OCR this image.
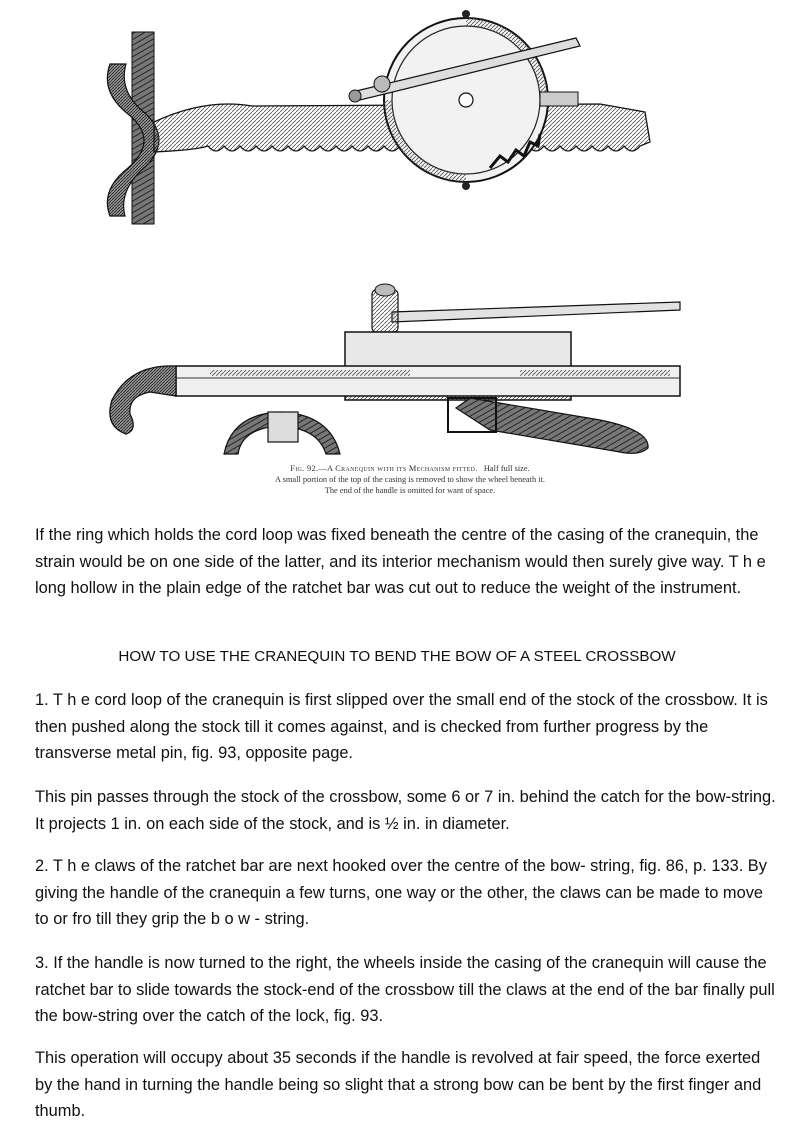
Fig. 92.—A Cranequin with its Mechanism fitted. Half full size.
A small portion of the top of the casing is removed to show the wheel beneath it.
The end of the handle is omitted for want of space.

If the ring which holds the cord loop was fixed beneath the centre of the casing of the cranequin, the strain would be on one side of the latter, and its interior mechanism would then surely give way. T h e long hollow in the plain edge of the ratchet bar was cut out to reduce the weight of the instrument.

HOW TO USE THE CRANEQUIN TO BEND THE BOW OF A STEEL CROSSBOW

1. T h e cord loop of the cranequin is first slipped over the small end of the stock of the crossbow. It is then pushed along the stock till it comes against, and is checked from further progress by the transverse metal pin, fig. 93, opposite page.

This pin passes through the stock of the crossbow, some 6 or 7 in. behind the catch for the bow-string. It projects 1 in. on each side of the stock, and is ½ in. in diameter.

2. T h e claws of the ratchet bar are next hooked over the centre of the bow- string, fig. 86, p. 133. By giving the handle of the cranequin a few turns, one way or the other, the claws can be made to move to or fro till they grip the b o w - string.

3. If the handle is now turned to the right, the wheels inside the casing of the cranequin will cause the ratchet bar to slide towards the stock-end of the crossbow till the claws at the end of the bar finally pull the bow-string over the catch of the lock, fig. 93.

This operation will occupy about 35 seconds if the handle is revolved at fair speed, the force exerted by the hand in turning the handle being so slight that a strong bow can be bent by the first finger and thumb.
